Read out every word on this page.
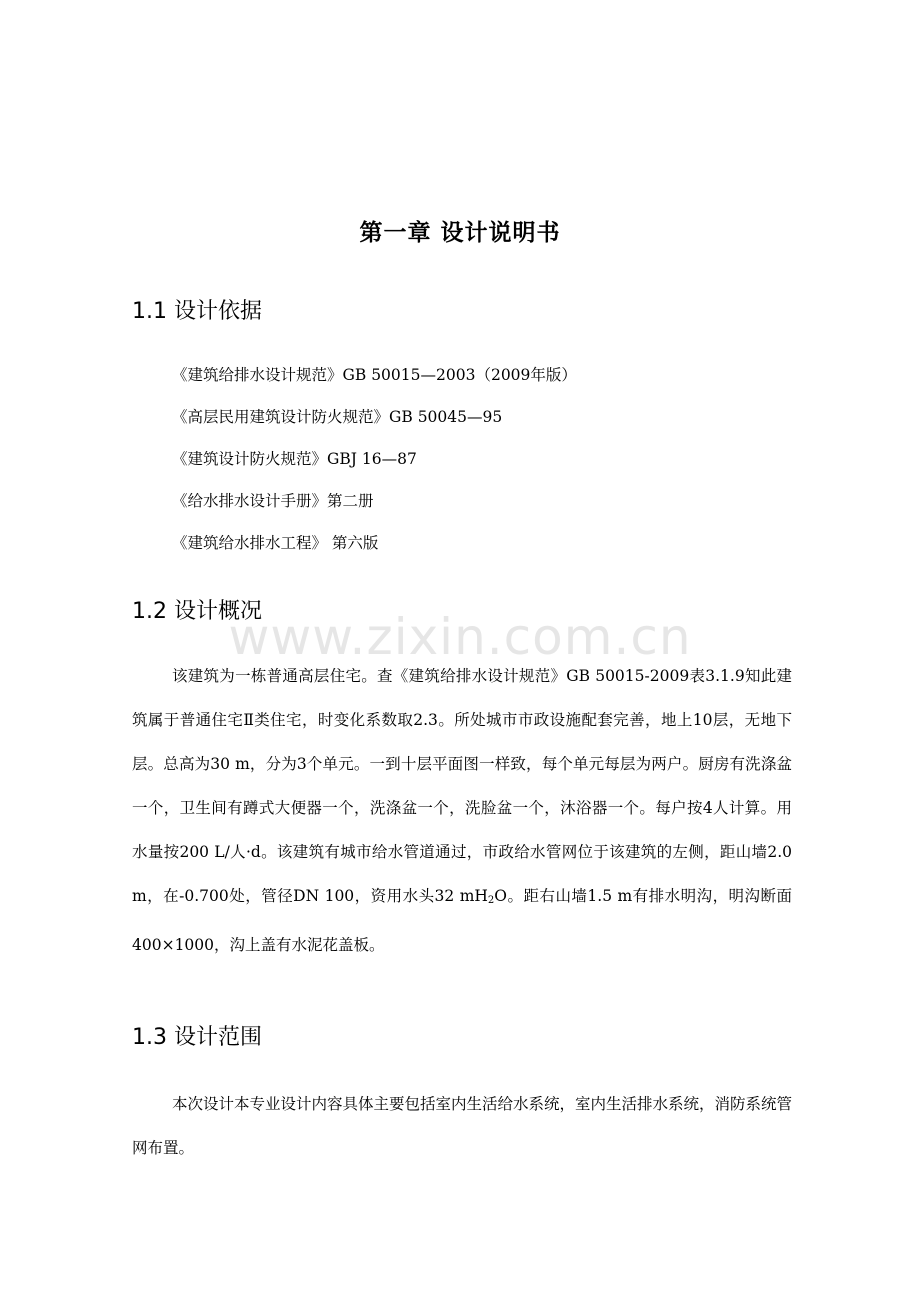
www.zixin.com.cn
第一章 设计说明书
1.1 设计依据
《建筑给排水设计规范》GB 50015—2003（2009年版）
《高层民用建筑设计防火规范》GB 50045—95
《建筑设计防火规范》GBJ 16—87
《给水排水设计手册》第二册
《建筑给水排水工程》 第六版
1.2 设计概况

该建筑为一栋普通高层住宅。查《建筑给排水设计规范》GB 50015-2009表3.1.9知此建筑属于普通住宅Ⅱ类住宅，时变化系数取2.3。所处城市市政设施配套完善，地上10层，无地下层。总高为30 m，分为3个单元。一到十层平面图一样致，每个单元每层为两户。厨房有洗涤盆一个，卫生间有蹲式大便器一个，洗涤盆一个，洗脸盆一个，沐浴器一个。每户按4人计算。用水量按200 L/人·d。该建筑有城市给水管道通过，市政给水管网位于该建筑的左侧，距山墙2.0 m，在-0.700处，管径DN 100，资用水头32 $mH_2O$。距右山墙1.5 m有排水明沟，明沟断面400×1000，沟上盖有水泥花盖板。

1.3 设计范围

本次设计本专业设计内容具体主要包括室内生活给水系统，室内生活排水系统，消防系统管网布置。
